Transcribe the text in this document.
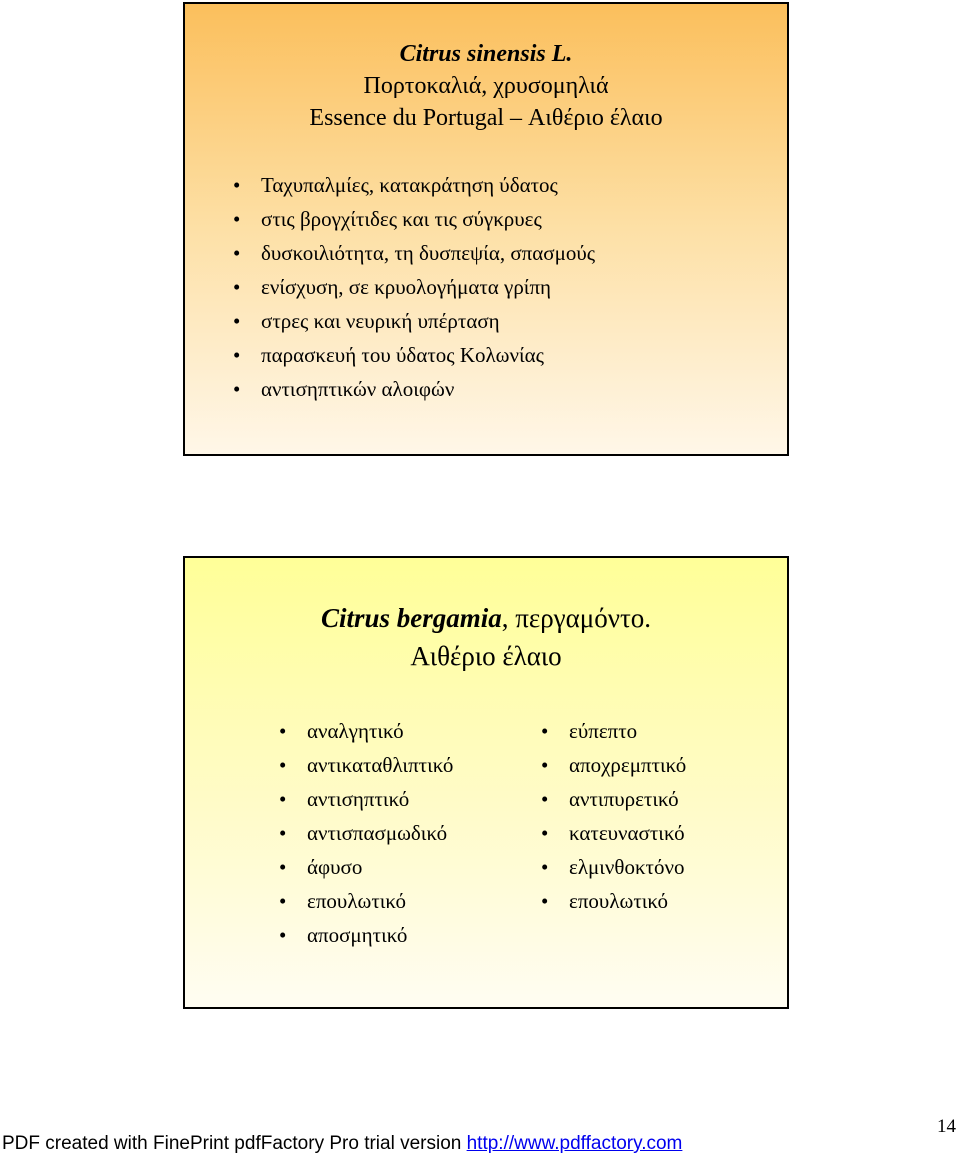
Citrus sinensis L.
Πορτοκαλιά, χρυσομηλιά
Essence du Portugal – Αιθέριο έλαιο
• Ταχυπαλμίες, κατακράτηση ύδατος
• στις βρογχίτιδες και τις σύγκρυες
• δυσκοιλιότητα, τη δυσπεψία, σπασμούς
• ενίσχυση, σε κρυολογήματα γρίπη
• στρες και νευρική υπέρταση
• παρασκευή του ύδατος Κολωνίας
• αντισηπτικών αλοιφών
Citrus bergamia, περγαμόντο.
Αιθέριο έλαιο
• αναλγητικό
• αντικαταθλιπτικό
• αντισηπτικό
• αντισπασμωδικό
• άφυσο
• επουλωτικό
• αποσμητικό
• εύπεπτο
• αποχρεμπτικό
• αντιπυρετικό
• κατευναστικό
• ελμινθοκτόνο
• επουλωτικό
PDF created with FinePrint pdfFactory Pro trial version http://www.pdffactory.com
14
